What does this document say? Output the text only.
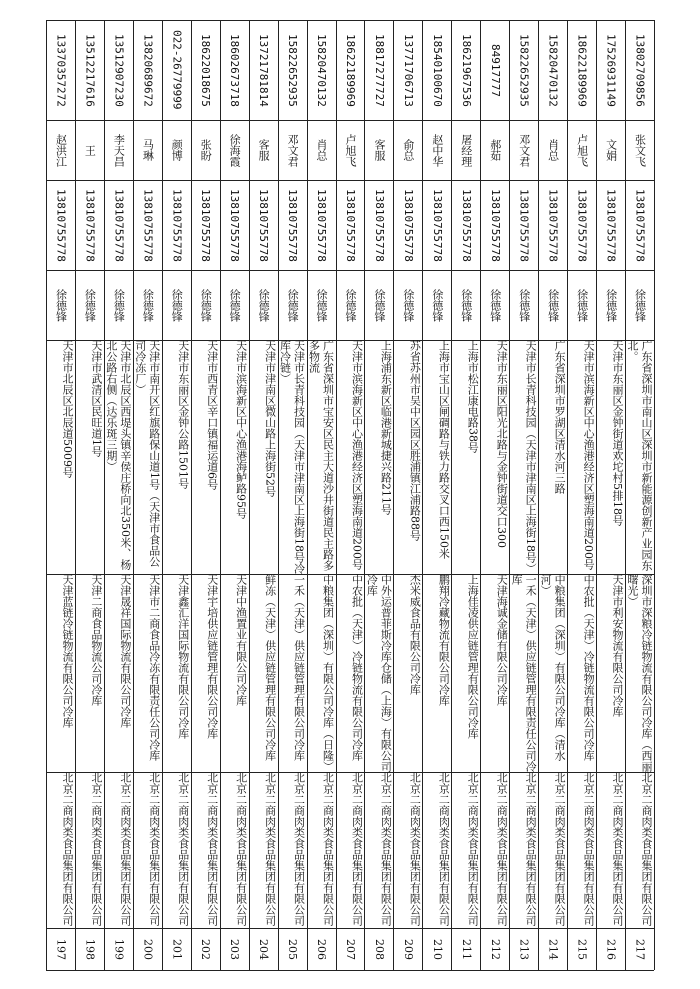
197
北京二商肉类食品集团有限公司
天津蓝链冷链物流有限公司冷库
天津市北辰区北辰道5009号
徐德锋
13810755778
赵洪江
13370357272
198
北京二商肉类食品集团有限公司
天津二商食品物流公司冷库
天津市武清区民旺道1号
徐德锋
13810755778
王
13512217616
199
北京二商肉类食品集团有限公司
天津晟祥国际物流有限公司冷库
天津市北辰区西堤头镇辛侯庄桥向北350米、杨北公路右侧（达乐斑三期）
徐德锋
13810755778
李天昌
13512907230
200
北京二商肉类食品集团有限公司
天津市二商食品冷冻有限责任公司冷库
天津市南开区红旗路保山道1号（天津市食品公司冷冻厂）
徐德锋
13810755778
马琳
13820689672
201
北京二商肉类食品集团有限公司
天津鑫汇洋国际物流有限公司冷库
天津市东丽区金钟公路1501号
徐德锋
13810755778
颜博
022-26779999
202
北京二商肉类食品集团有限公司
天津宇培供应链管理有限公司冷库
天津市西青区辛口镇福运道6号
徐德锋
13810755778
张盼
18622018675
203
北京二商肉类食品集团有限公司
天津中渔置业有限公司冷库
天津市滨海新区中心渔港海鲈路95号
徐德锋
13810755778
徐海霞
18602673718
204
北京二商肉类食品集团有限公司
鲜冻（天津）供应链管理有限公司冷库
天津市津南区微山路上海街52号
徐德锋
13810755778
客服
13721781814
205
北京二商肉类食品集团有限公司
一禾（天津）供应链管理有限公司冷库
天津市长青科技园（天津市津南区上海街18号冷库冷链）
徐德锋
13810755778
邓文君
15822652935
206
北京二商肉类食品集团有限公司
中粮集团（深圳）有限公司冷库（日隆）
广东省深圳市宝安区民主大道沙井街道民主路多多物流
徐德锋
13810755778
肖总
15820470132
207
北京二商肉类食品集团有限公司
中农批（天津）冷链物流有限公司冷库
天津市滨海新区中心渔港经济区塑海南道200号
徐德锋
13810755778
卢旭飞
18622189969
208
北京二商肉类食品集团有限公司
中外运普菲斯冷库仓储（上海）有限公司冷库
上海浦东新区临港新城捷兴路211号
徐德锋
13810755778
客服
18817277727
209
北京二商肉类食品集团有限公司
杰米威食品有限公司冷库
苏省苏州市吴中区园区胜浦镇江浦路88号
徐德锋
13810755778
俞总
13771706713
210
北京二商肉类食品集团有限公司
鹏翔冷藏物流有限公司冷库
上海市宝山区闸碉路与铁力路交叉口西150米
徐德锋
13810755778
赵中华
18540100670
211
北京二商肉类食品集团有限公司
上海佳凌供应链管理有限公司冷库
上海市松江康电路38号
徐德锋
13810755778
屠经理
18621967536
212
北京二商肉类食品集团有限公司
天津海诚金储有限公司冷库
天津市东丽区阳光北路与金钟街道交口300
徐德锋
13810755778
郝茹
84917777
213
北京二商肉类食品集团有限公司
一禾（天津）供应链管理有限责任公司冷库
天津市长青科技园（天津市津南区上海街18号）
徐德锋
13810755778
邓文君
15822652935
214
北京二商肉类食品集团有限公司
中粮集团（深圳）有限公司冷库（清水河）
广东省深圳市罗湖区清水河三路
徐德锋
13810755778
肖总
15820470132
215
北京二商肉类食品集团有限公司
中农批（天津）冷链物流有限公司冷库
天津市滨海新区中心渔港经济区塑海南道200号
徐德锋
13810755778
卢旭飞
18622189969
216
北京二商肉类食品集团有限公司
天津市利安物流有限公司冷库
天津市东丽区金钟街道欢坨村5排18号
徐德锋
13810755778
文娟
17526931149
217
北京二商肉类食品集团有限公司
深圳市深粮冷链物流有限公司冷库（西丽曙光）
广东省深圳市南山区深圳市新能源创新产业园东北。
徐德锋
13810755778
张文飞
13802709856
